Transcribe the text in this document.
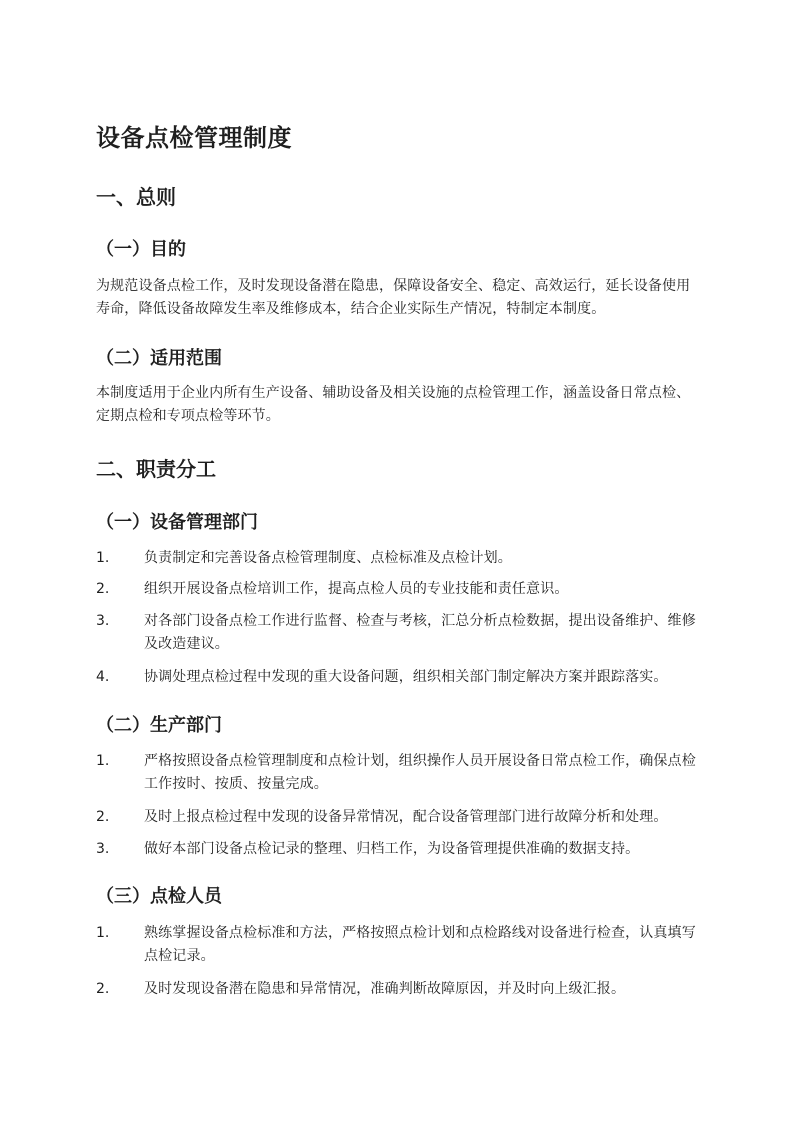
设备点检管理制度
一、总则
（一）目的

为规范设备点检工作，及时发现设备潜在隐患，保障设备安全、稳定、高效运行，延长设备使用寿命，降低设备故障发生率及维修成本，结合企业实际生产情况，特制定本制度。

（二）适用范围

本制度适用于企业内所有生产设备、辅助设备及相关设施的点检管理工作，涵盖设备日常点检、定期点检和专项点检等环节。

二、职责分工
（一）设备管理部门
1.	负责制定和完善设备点检管理制度、点检标准及点检计划。
2.	组织开展设备点检培训工作，提高点检人员的专业技能和责任意识。
3.	对各部门设备点检工作进行监督、检查与考核，汇总分析点检数据，提出设备维护、维修及改造建议。
4.	协调处理点检过程中发现的重大设备问题，组织相关部门制定解决方案并跟踪落实。
（二）生产部门
1.	严格按照设备点检管理制度和点检计划，组织操作人员开展设备日常点检工作，确保点检工作按时、按质、按量完成。
2.	及时上报点检过程中发现的设备异常情况，配合设备管理部门进行故障分析和处理。
3.	做好本部门设备点检记录的整理、归档工作，为设备管理提供准确的数据支持。
（三）点检人员
1.	熟练掌握设备点检标准和方法，严格按照点检计划和点检路线对设备进行检查，认真填写点检记录。
2.	及时发现设备潜在隐患和异常情况，准确判断故障原因，并及时向上级汇报。
